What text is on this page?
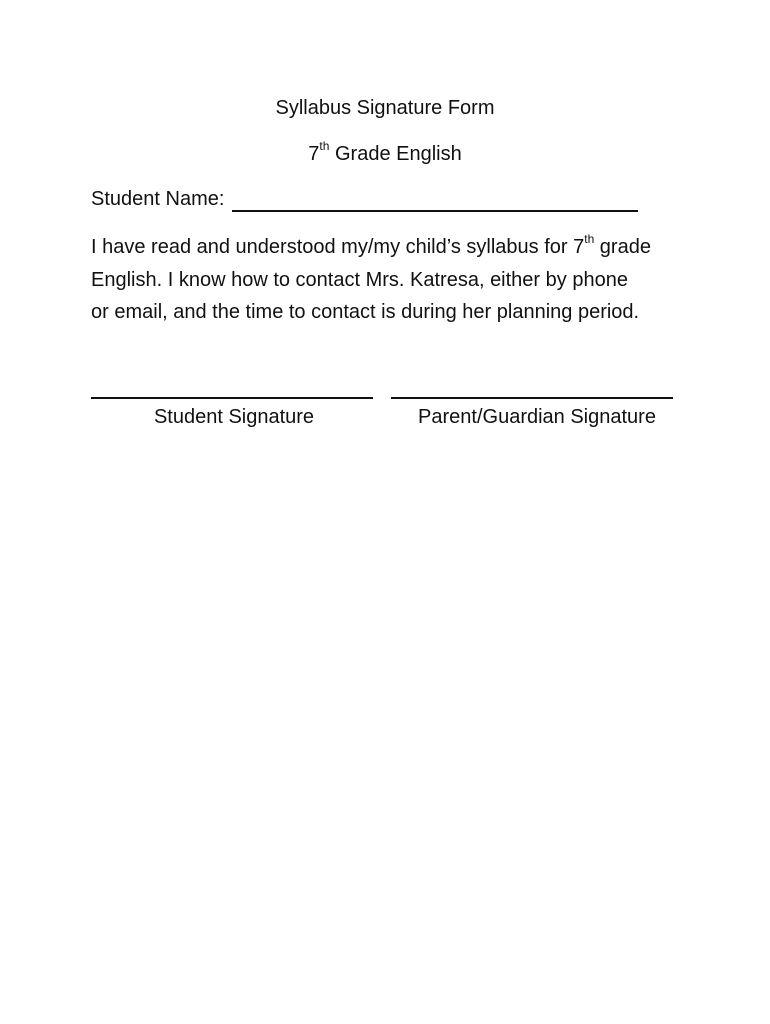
Syllabus Signature Form
7th Grade English
Student Name:
I have read and understood my/my child’s syllabus for 7th grade
English. I know how to contact Mrs. Katresa, either by phone
or email, and the time to contact is during her planning period.
Student Signature	Parent/Guardian Signature
